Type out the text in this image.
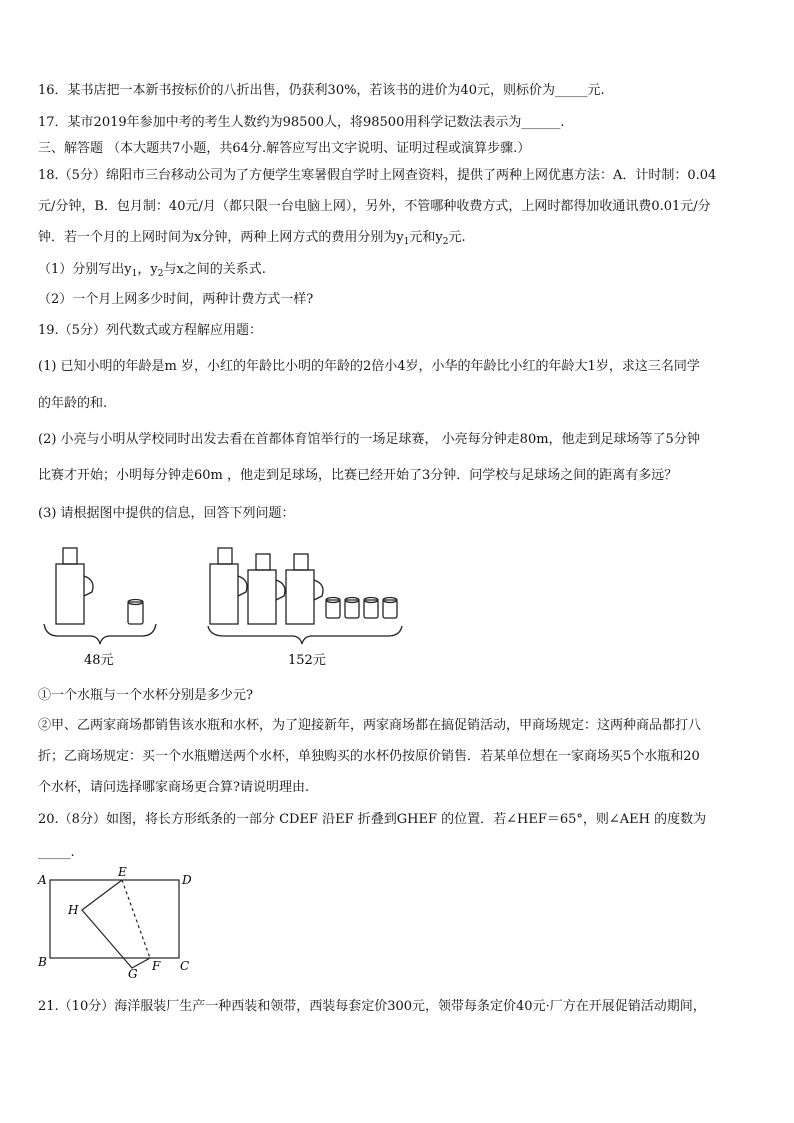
16．某书店把一本新书按标价的八折出售，仍获利30%，若该书的进价为40元，则标价为_____元.
17．某市2019年参加中考的考生人数约为98500人，将98500用科学记数法表示为______.
三、解答题 （本大题共7小题，共64分.解答应写出文字说明、证明过程或演算步骤.）
18.（5分）绵阳市三台移动公司为了方便学生寒暑假自学时上网查资料，提供了两种上网优惠方法：A．计时制：0.04
元/分钟，B．包月制：40元/月（都只限一台电脑上网），另外，不管哪种收费方式，上网时都得加收通讯费0.01元/分
钟．若一个月的上网时间为x分钟，两种上网方式的费用分别为$y_1$元和$y_2$元.
（1）分别写出$y_1$，$y_2$与x之间的关系式.
（2）一个月上网多少时间，两种计费方式一样?
19.（5分）列代数式或方程解应用题：
(1) 已知小明的年龄是m 岁，小红的年龄比小明的年龄的2倍小4岁，小华的年龄比小红的年龄大1岁，求这三名同学
的年龄的和.
(2) 小亮与小明从学校同时出发去看在首都体育馆举行的一场足球赛， 小亮每分钟走80m，他走到足球场等了5分钟
比赛才开始；小明每分钟走60m ，他走到足球场，比赛已经开始了3分钟．问学校与足球场之间的距离有多远？
(3) 请根据图中提供的信息，回答下列问题：
48元	152元
①一个水瓶与一个水杯分别是多少元?
②甲、乙两家商场都销售该水瓶和水杯，为了迎接新年，两家商场都在搞促销活动，甲商场规定：这两种商品都打八
折；乙商场规定：买一个水瓶赠送两个水杯，单独购买的水杯仍按原价销售．若某单位想在一家商场买5个水瓶和20
个水杯，请问选择哪家商场更合算?请说明理由.
20.（8分）如图，将长方形纸条的一部分 CDEF 沿EF 折叠到GHEF 的位置．若∠HEF＝65°，则∠AEH 的度数为
_____.
A
E
D
H
B
G
F C
21.（10分）海洋服装厂生产一种西装和领带，西装每套定价300元，领带每条定价40元·厂方在开展促销活动期间，
